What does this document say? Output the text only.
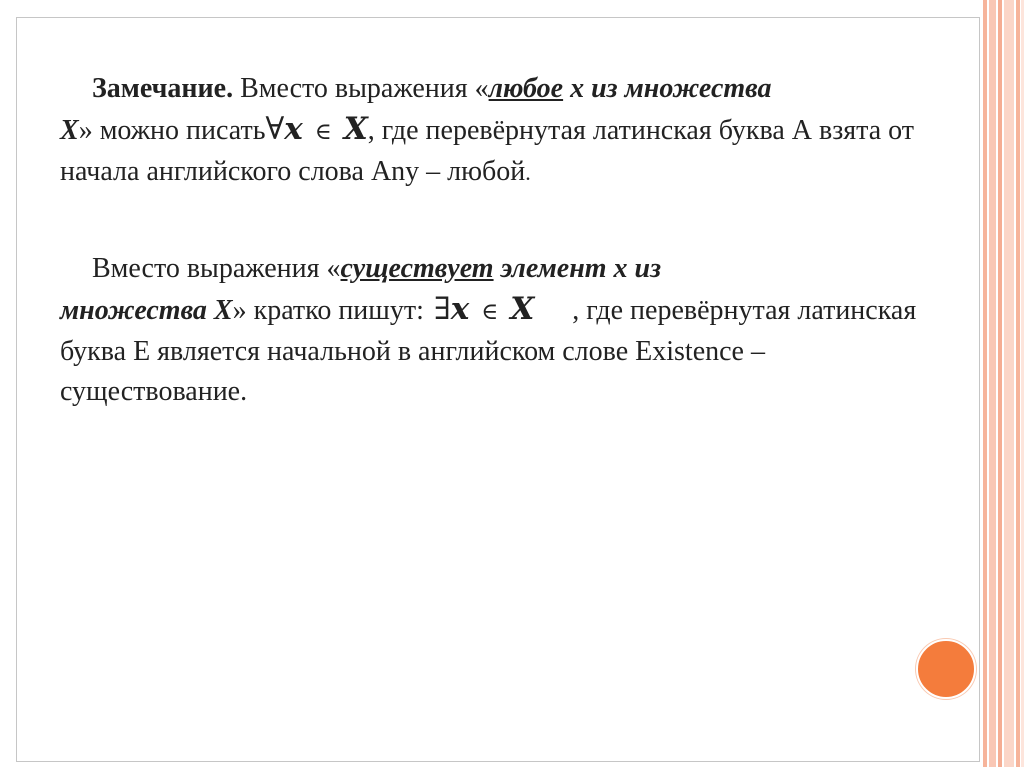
Замечание. Вместо выражения «любое x из множества
X» можно писать∀x ∈ X, где перевёрнутая латинская буква А взята от начала английского слова Any – любой.
Вместо выражения «существует элемент x из
множества X» кратко пишут: ∃x ∈ X , где перевёрнутая латинская буква Е является начальной в английском слове Existence – существование.
